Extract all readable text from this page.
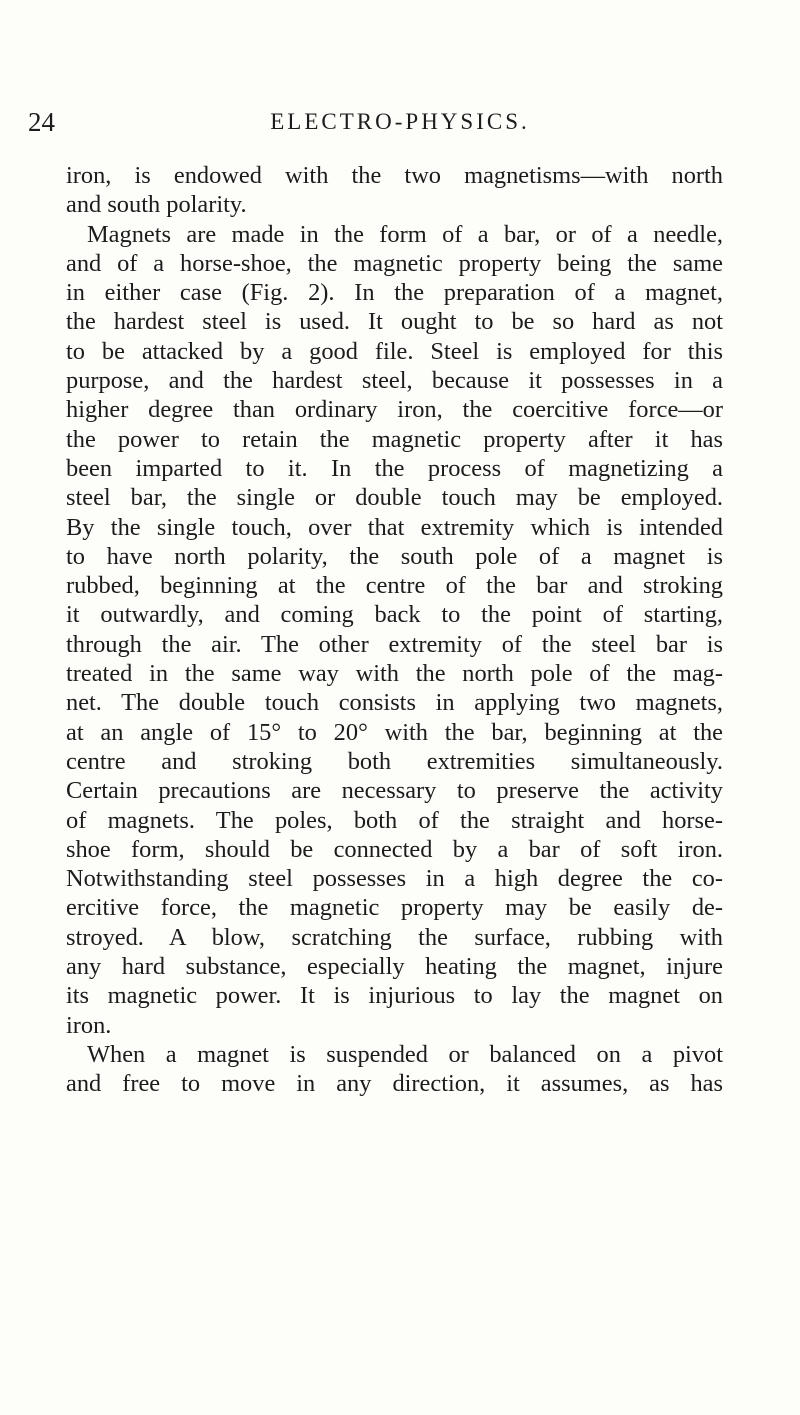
24	ELECTRO-PHYSICS.

iron, is endowed with the two magnetisms—with north
and south polarity.

Magnets are made in the form of a bar, or of a needle,
and of a horse-shoe, the magnetic property being the same
in either case (Fig. 2). In the preparation of a magnet,
the hardest steel is used. It ought to be so hard as not
to be attacked by a good file. Steel is employed for this
purpose, and the hardest steel, because it possesses in a
higher degree than ordinary iron, the coercitive force—or
the power to retain the magnetic property after it has
been imparted to it. In the process of magnetizing a
steel bar, the single or double touch may be employed.
By the single touch, over that extremity which is intended
to have north polarity, the south pole of a magnet is
rubbed, beginning at the centre of the bar and stroking
it outwardly, and coming back to the point of starting,
through the air. The other extremity of the steel bar is
treated in the same way with the north pole of the mag-
net. The double touch consists in applying two magnets,
at an angle of 15° to 20° with the bar, beginning at the
centre and stroking both extremities simultaneously.
Certain precautions are necessary to preserve the activity
of magnets. The poles, both of the straight and horse-
shoe form, should be connected by a bar of soft iron.
Notwithstanding steel possesses in a high degree the co-
ercitive force, the magnetic property may be easily de-
stroyed. A blow, scratching the surface, rubbing with
any hard substance, especially heating the magnet, injure
its magnetic power. It is injurious to lay the magnet on
iron.

When a magnet is suspended or balanced on a pivot
and free to move in any direction, it assumes, as has
